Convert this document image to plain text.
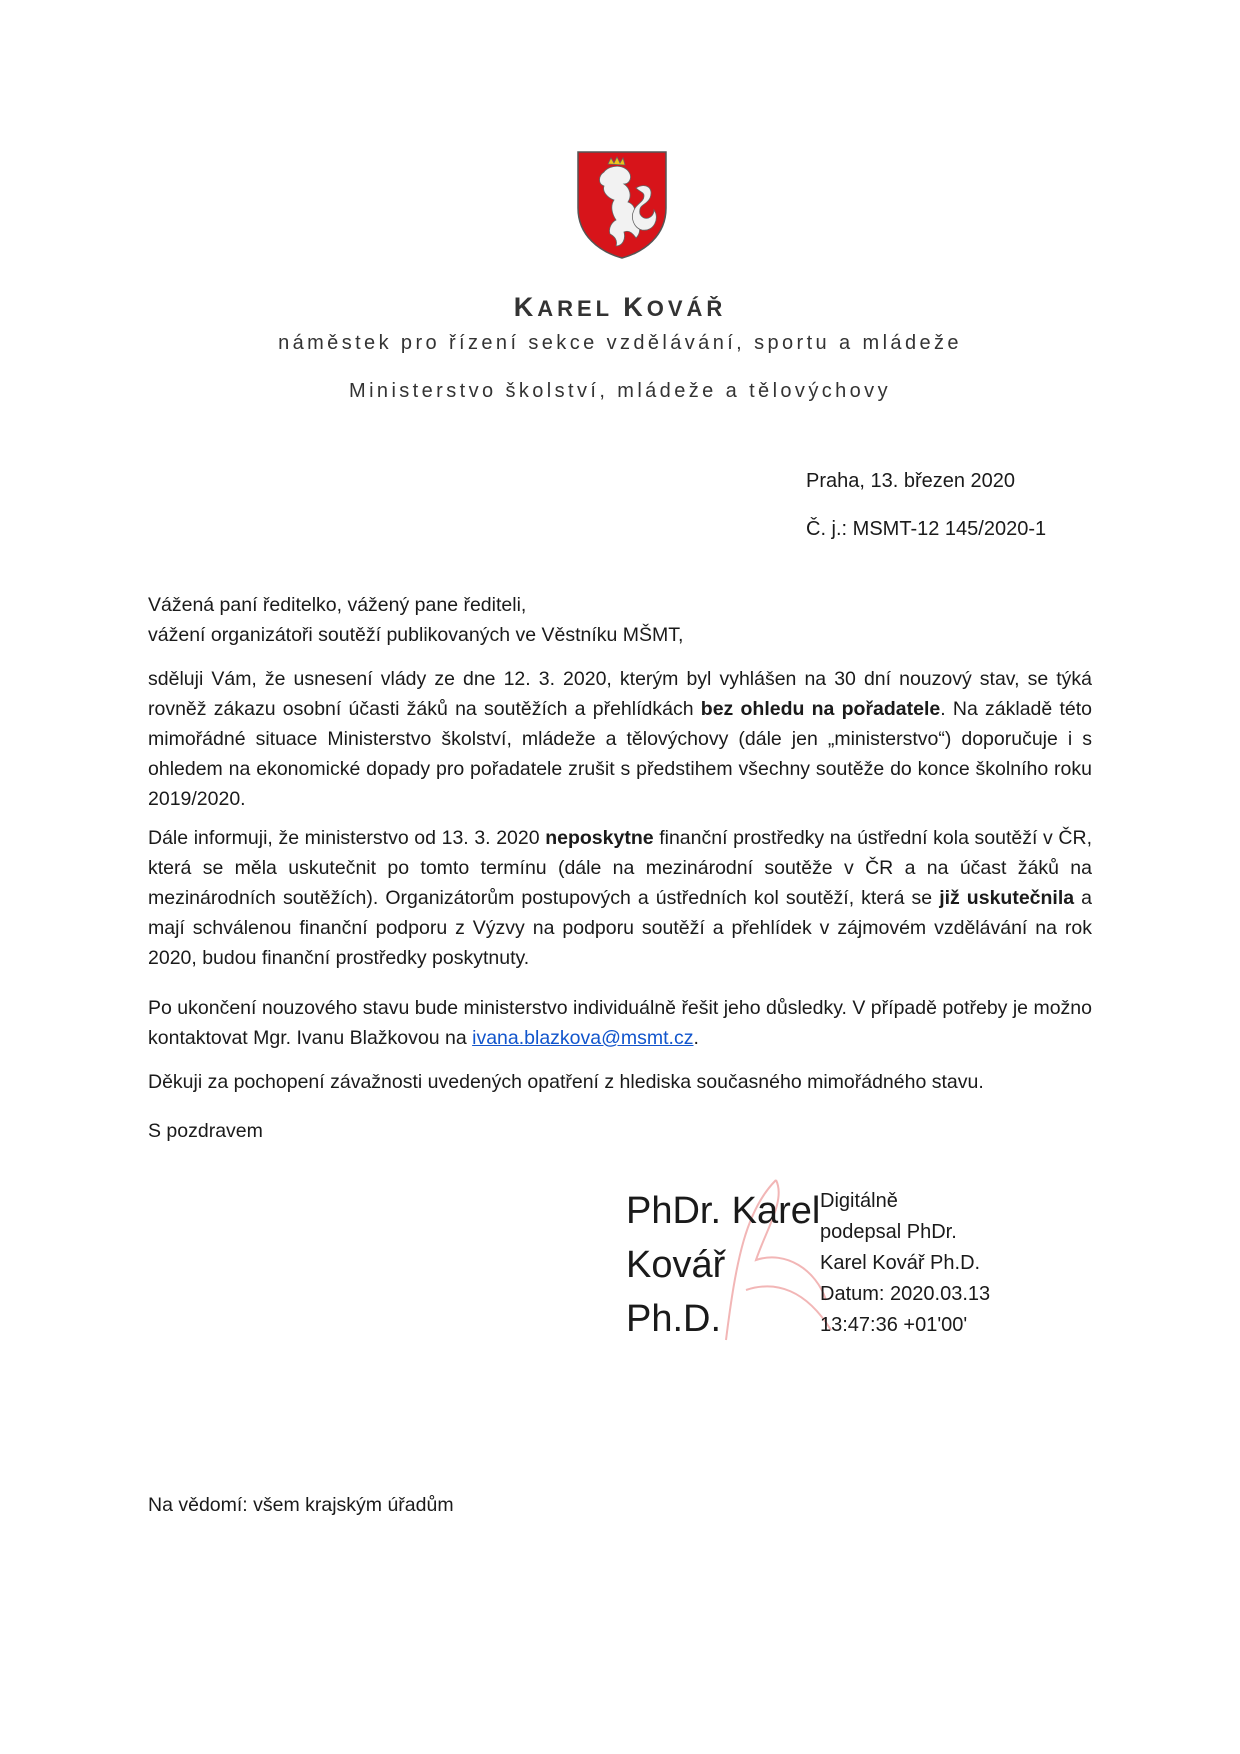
KAREL KOVÁŘ
náměstek pro řízení sekce vzdělávání, sportu a mládeže
Ministerstvo školství, mládeže a tělovýchovy
Praha, 13. březen 2020
Č. j.: MSMT-12 145/2020-1
Vážená paní ředitelko, vážený pane řediteli,
vážení organizátoři soutěží publikovaných ve Věstníku MŠMT,
sděluji Vám, že usnesení vlády ze dne 12. 3. 2020, kterým byl vyhlášen na 30 dní nouzový stav, se týká rovněž zákazu osobní účasti žáků na soutěžích a přehlídkách bez ohledu na pořadatele. Na základě této mimořádné situace Ministerstvo školství, mládeže a tělovýchovy (dále jen „ministerstvo“) doporučuje i s ohledem na ekonomické dopady pro pořadatele zrušit s předstihem všechny soutěže do konce školního roku 2019/2020.
Dále informuji, že ministerstvo od 13. 3. 2020 neposkytne finanční prostředky na ústřední kola soutěží v ČR, která se měla uskutečnit po tomto termínu (dále na mezinárodní soutěže v ČR a na účast žáků na mezinárodních soutěžích). Organizátorům postupových a ústředních kol soutěží, která se již uskutečnila a mají schválenou finanční podporu z Výzvy na podporu soutěží a přehlídek v zájmovém vzdělávání na rok 2020, budou finanční prostředky poskytnuty.
Po ukončení nouzového stavu bude ministerstvo individuálně řešit jeho důsledky. V případě potřeby je možno kontaktovat Mgr. Ivanu Blažkovou na ivana.blazkova@msmt.cz.
Děkuji za pochopení závažnosti uvedených opatření z hlediska současného mimořádného stavu.
S pozdravem
PhDr. Karel
Kovář
Ph.D.
Digitálně
podepsal PhDr.
Karel Kovář Ph.D.
Datum: 2020.03.13
13:47:36 +01'00'
Na vědomí: všem krajským úřadům
